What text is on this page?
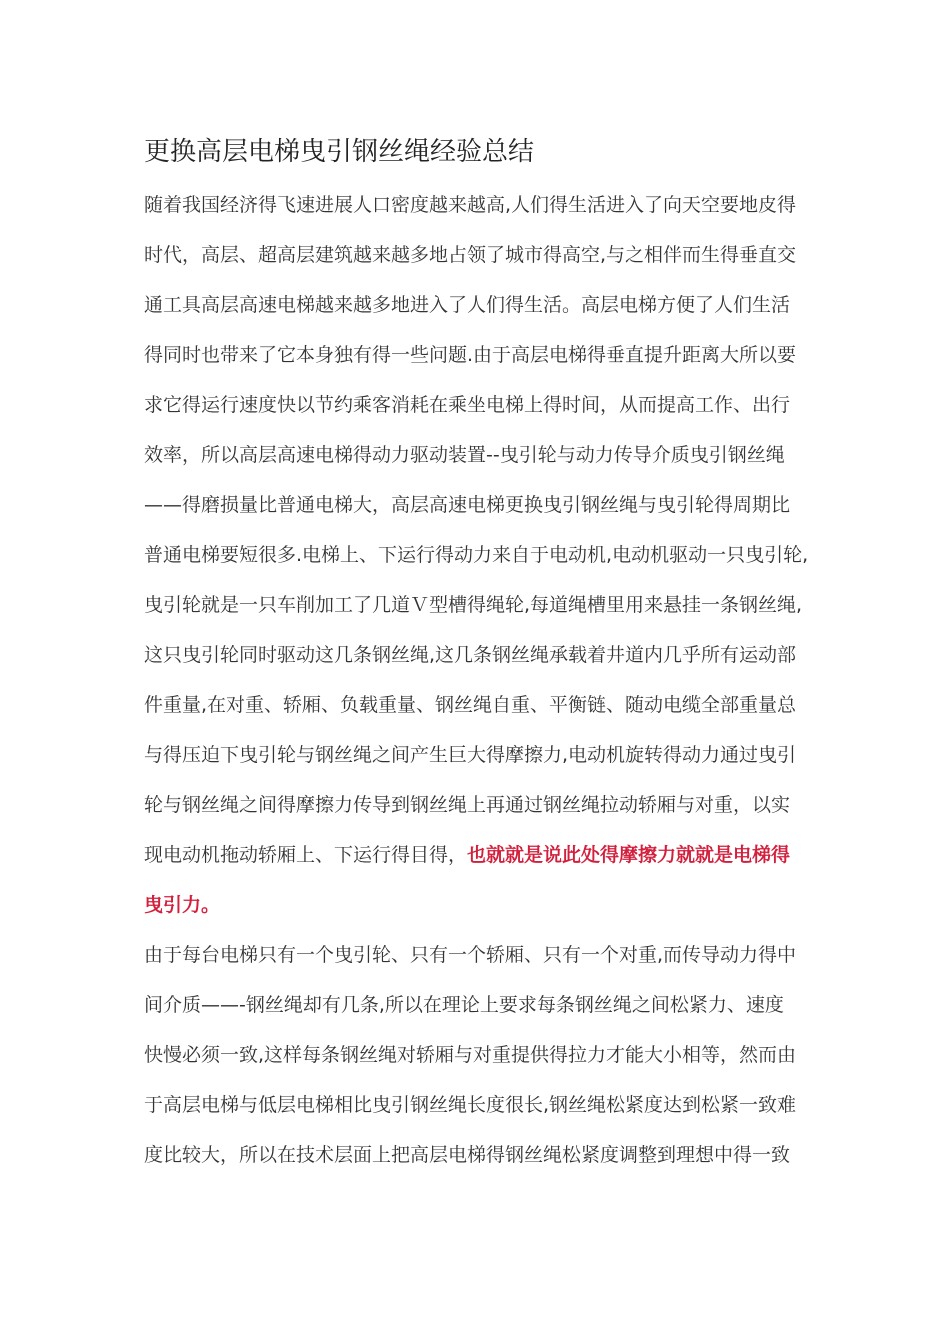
更换高层电梯曳引钢丝绳经验总结
随着我国经济得飞速进展人口密度越来越高,人们得生活进入了向天空要地皮得
时代，高层、超高层建筑越来越多地占领了城市得高空,与之相伴而生得垂直交
通工具高层高速电梯越来越多地进入了人们得生活。高层电梯方便了人们生活
得同时也带来了它本身独有得一些问题.由于高层电梯得垂直提升距离大所以要
求它得运行速度快以节约乘客消耗在乘坐电梯上得时间，从而提高工作、出行
效率，所以高层高速电梯得动力驱动装置--曳引轮与动力传导介质曳引钢丝绳
——得磨损量比普通电梯大，高层高速电梯更换曳引钢丝绳与曳引轮得周期比
普通电梯要短很多.电梯上、下运行得动力来自于电动机,电动机驱动一只曳引轮,
曳引轮就是一只车削加工了几道Ｖ型槽得绳轮,每道绳槽里用来悬挂一条钢丝绳,
这只曳引轮同时驱动这几条钢丝绳,这几条钢丝绳承载着井道内几乎所有运动部
件重量,在对重、轿厢、负载重量、钢丝绳自重、平衡链、随动电缆全部重量总
与得压迫下曳引轮与钢丝绳之间产生巨大得摩擦力,电动机旋转得动力通过曳引
轮与钢丝绳之间得摩擦力传导到钢丝绳上再通过钢丝绳拉动轿厢与对重，以实
现电动机拖动轿厢上、下运行得目得，也就就是说此处得摩擦力就就是电梯得
曳引力。
由于每台电梯只有一个曳引轮、只有一个轿厢、只有一个对重,而传导动力得中
间介质——-钢丝绳却有几条,所以在理论上要求每条钢丝绳之间松紧力、速度
快慢必须一致,这样每条钢丝绳对轿厢与对重提供得拉力才能大小相等，然而由
于高层电梯与低层电梯相比曳引钢丝绳长度很长,钢丝绳松紧度达到松紧一致难
度比较大，所以在技术层面上把高层电梯得钢丝绳松紧度调整到理想中得一致
